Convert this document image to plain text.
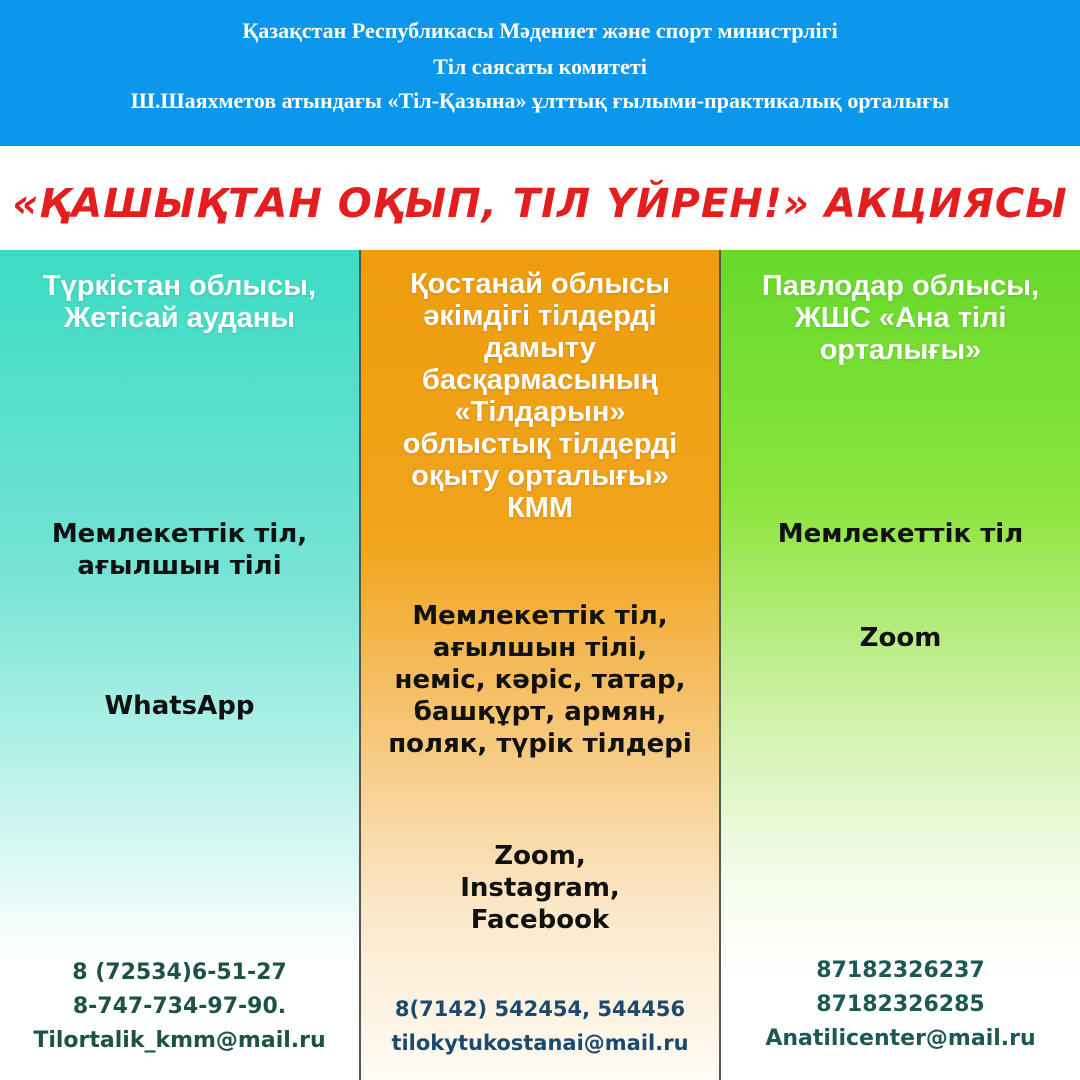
Қазақстан Республикасы Мәдениет және спорт министрлігі
Тіл саясаты комитеті
Ш.Шаяхметов атындағы «Тіл-Қазына» ұлттық ғылыми-практикалық орталығы
«ҚАШЫҚТАН ОҚЫП, ТІЛ ҮЙРЕН!» АКЦИЯСЫ
Түркістан облысы,
Жетісай ауданы
Мемлекеттік тіл,
ағылшын тілі
WhatsApp
8 (72534)6-51-27
8-747-734-97-90.
Tilortalik_kmm@mail.ru
Қостанай облысы
әкімдігі тілдерді
дамыту
басқармасының
«Тілдарын»
облыстық тілдерді
оқыту орталығы»
КММ
Мемлекеттік тіл,
ағылшын тілі,
неміс, кәріс, татар,
башқұрт, армян,
поляк, түрік тілдері
Zoom,
Instagram,
Facebook
8(7142) 542454, 544456
tilokytukostanai@mail.ru
Павлодар облысы,
ЖШС «Ана тілі
орталығы»
Мемлекеттік тіл
Zoom
87182326237
87182326285
Anatilicenter@mail.ru
